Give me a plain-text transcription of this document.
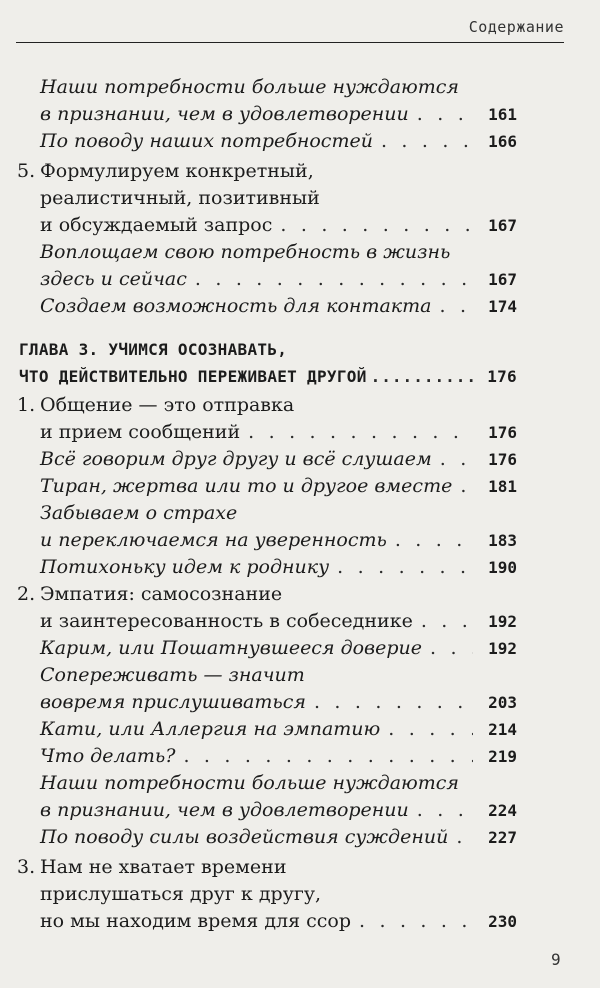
Содержание
Наши потребности больше нуждаются
в признании, чем в удовлетворении . . .	161
По поводу наших потребностей . . .	166
5. Формулируем конкретный,
реалистичный, позитивный
и обсуждаемый запрос . . .	167
Воплощаем свою потребность в жизнь
здесь и сейчас . . .	167
Создаем возможность для контакта . . .	174
ГЛАВА 3. УЧИМСЯ ОСОЗНАВАТЬ,
ЧТО ДЕЙСТВИТЕЛЬНО ПЕРЕЖИВАЕТ ДРУГОЙ .....	176
1. Общение — это отправка
и прием сообщений . . .	176
Всё говорим друг другу и всё слушаем . . .	176
Тиран, жертва или то и другое вместе . . .	181
Забываем о страхе
и переключаемся на уверенность . . .	183
Потихоньку идем к роднику . . .	190
2. Эмпатия: самосознание
и заинтересованность в собеседнике . . .	192
Карим, или Пошатнувшееся доверие . . .	192
Сопереживать — значит
вовремя прислушиваться . . .	203
Кати, или Аллергия на эмпатию . . .	214
Что делать? . . .	219
Наши потребности больше нуждаются
в признании, чем в удовлетворении . . .	224
По поводу силы воздействия суждений . . .	227
3. Нам не хватает времени
прислушаться друг к другу,
но мы находим время для ссор . . .	230
9
